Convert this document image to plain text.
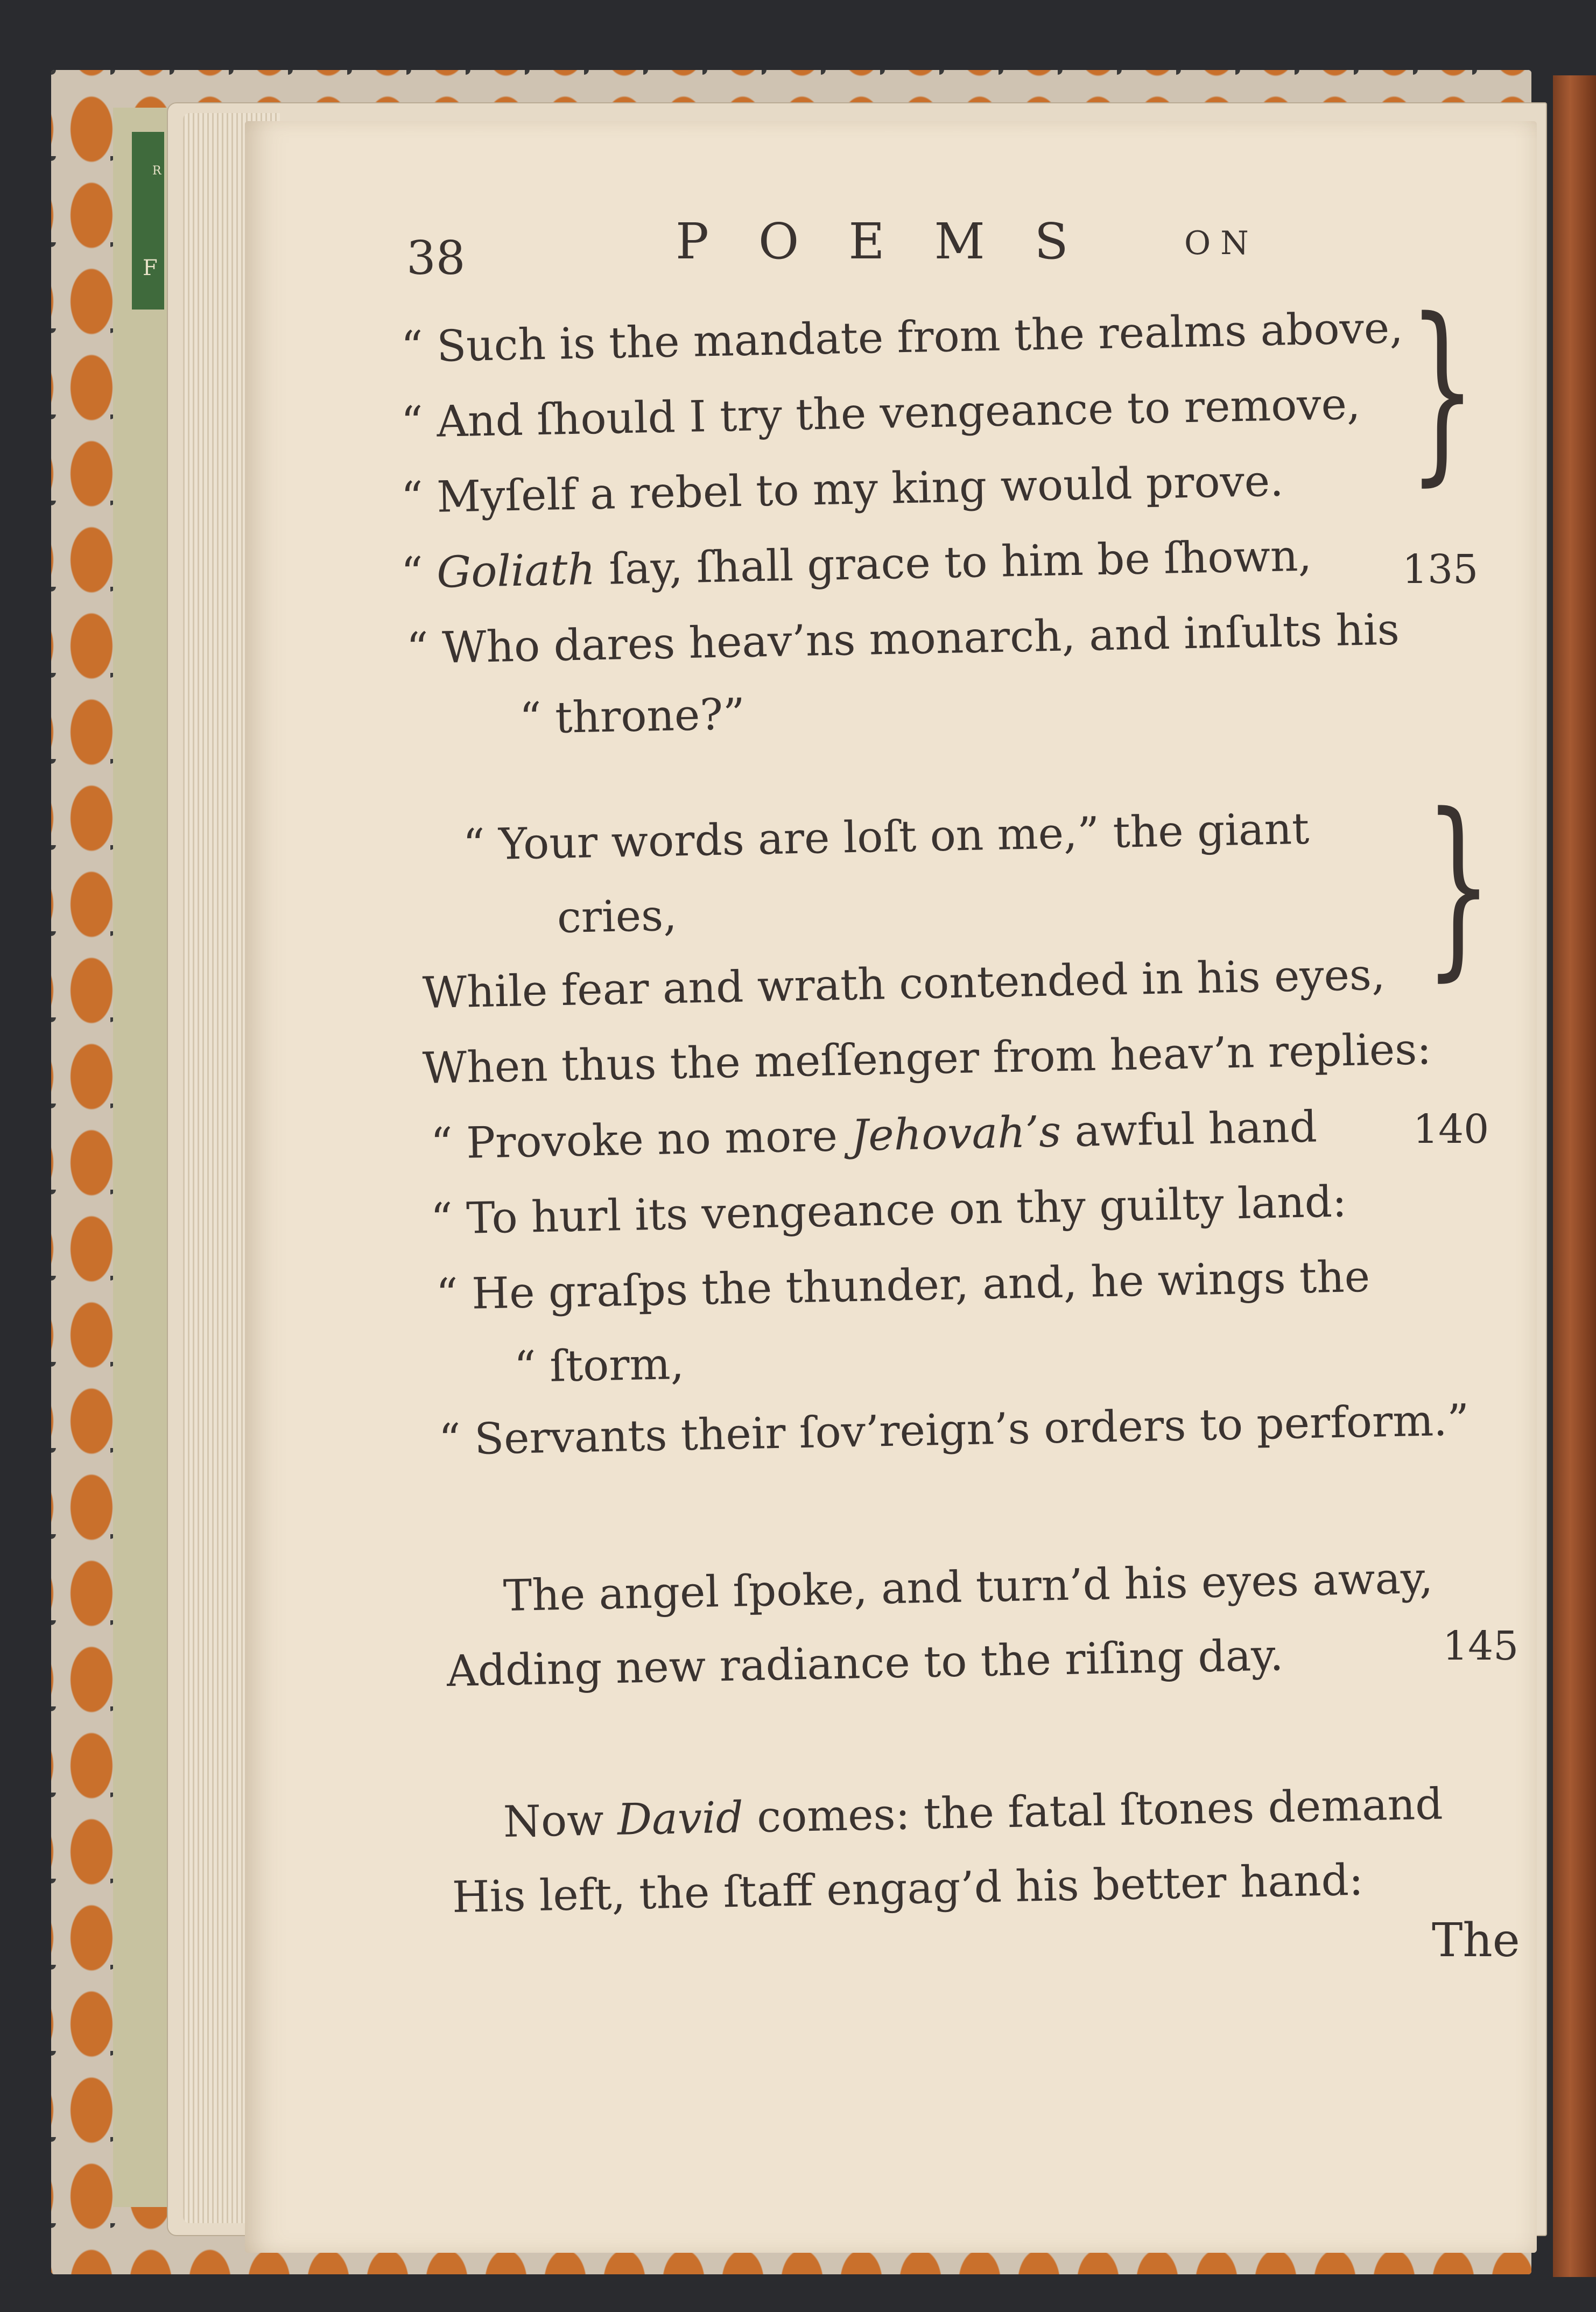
R
F	38	POEMS ON
“ Such is the mandate from the realms above,
“ And ſhould I try the vengeance to remove,
“ Myſelf a rebel to my king would prove.
“ Goliath ſay, ſhall grace to him be ſhown, 135
“ Who dares heav’ns monarch, and inſults his
“ throne?”
}
“ Your words are loſt on me,” the giant
cries,
While fear and wrath contended in his eyes,
When thus the meſſenger from heav’n replies:
}
“ Provoke no more Jehovah’s awful hand 140
“ To hurl its vengeance on thy guilty land:
“ He graſps the thunder, and, he wings the
“ ſtorm,
“ Servants their ſov’reign’s orders to perform.”
The angel ſpoke, and turn’d his eyes away,
Adding new radiance to the riſing day.	145
Now David comes: the fatal ſtones demand
His left, the ſtaff engag’d his better hand:
The
